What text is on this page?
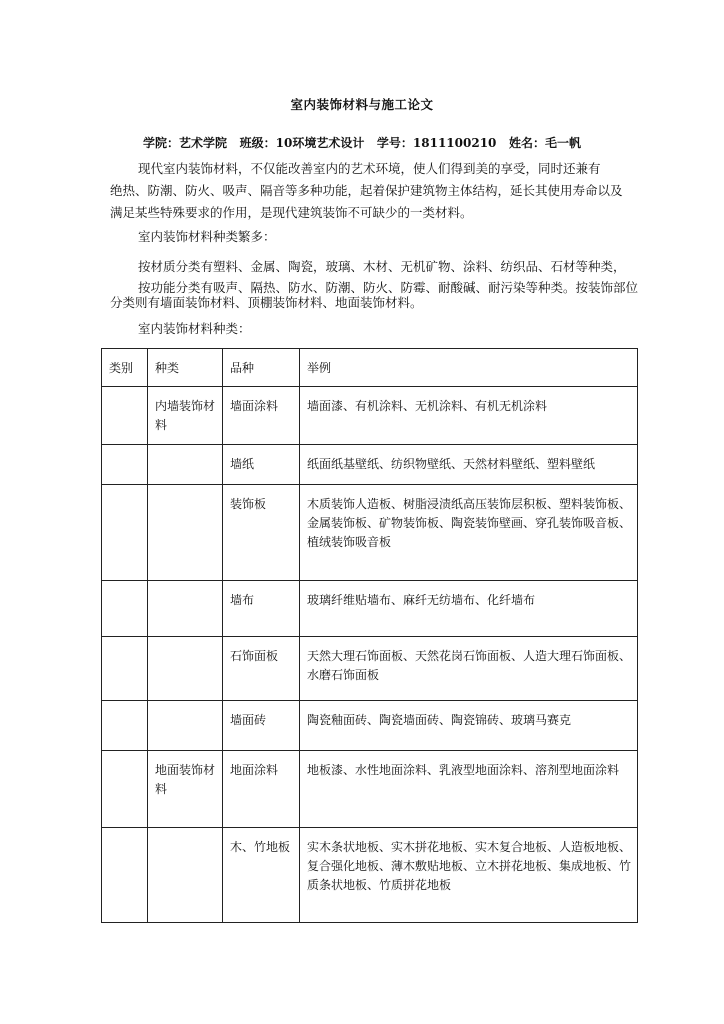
室内装饰材料与施工论文
学院：艺术学院 班级：10环境艺术设计 学号：1811100210 姓名：毛一帆
现代室内装饰材料，不仅能改善室内的艺术环境，使人们得到美的享受，同时还兼有
绝热、防潮、防火、吸声、隔音等多种功能，起着保护建筑物主体结构，延长其使用寿命以及
满足某些特殊要求的作用，是现代建筑装饰不可缺少的一类材料。
室内装饰材料种类繁多：
按材质分类有塑料、金属、陶瓷，玻璃、木材、无机矿物、涂料、纺织品、石材等种类，
按功能分类有吸声、隔热、防水、防潮、防火、防霉、耐酸碱、耐污染等种类。按装饰部位
分类则有墙面装饰材料、顶棚装饰材料、地面装饰材料。
室内装饰材料种类：
类别	种类	品种	举例
	内墙装饰材料	墙面涂料	墙面漆、有机涂料、无机涂料、有机无机涂料
		墙纸	纸面纸基壁纸、纺织物壁纸、天然材料壁纸、塑料壁纸
		装饰板	木质装饰人造板、树脂浸渍纸高压装饰层积板、塑料装饰板、金属装饰板、矿物装饰板、陶瓷装饰壁画、穿孔装饰吸音板、植绒装饰吸音板
		墙布	玻璃纤维贴墙布、麻纤无纺墙布、化纤墙布
		石饰面板	天然大理石饰面板、天然花岗石饰面板、人造大理石饰面板、水磨石饰面板
		墙面砖	陶瓷釉面砖、陶瓷墙面砖、陶瓷锦砖、玻璃马赛克
	地面装饰材料	地面涂料	地板漆、水性地面涂料、乳液型地面涂料、溶剂型地面涂料
		木、竹地板	实木条状地板、实木拼花地板、实木复合地板、人造板地板、复合强化地板、薄木敷贴地板、立木拼花地板、集成地板、竹质条状地板、竹质拼花地板
